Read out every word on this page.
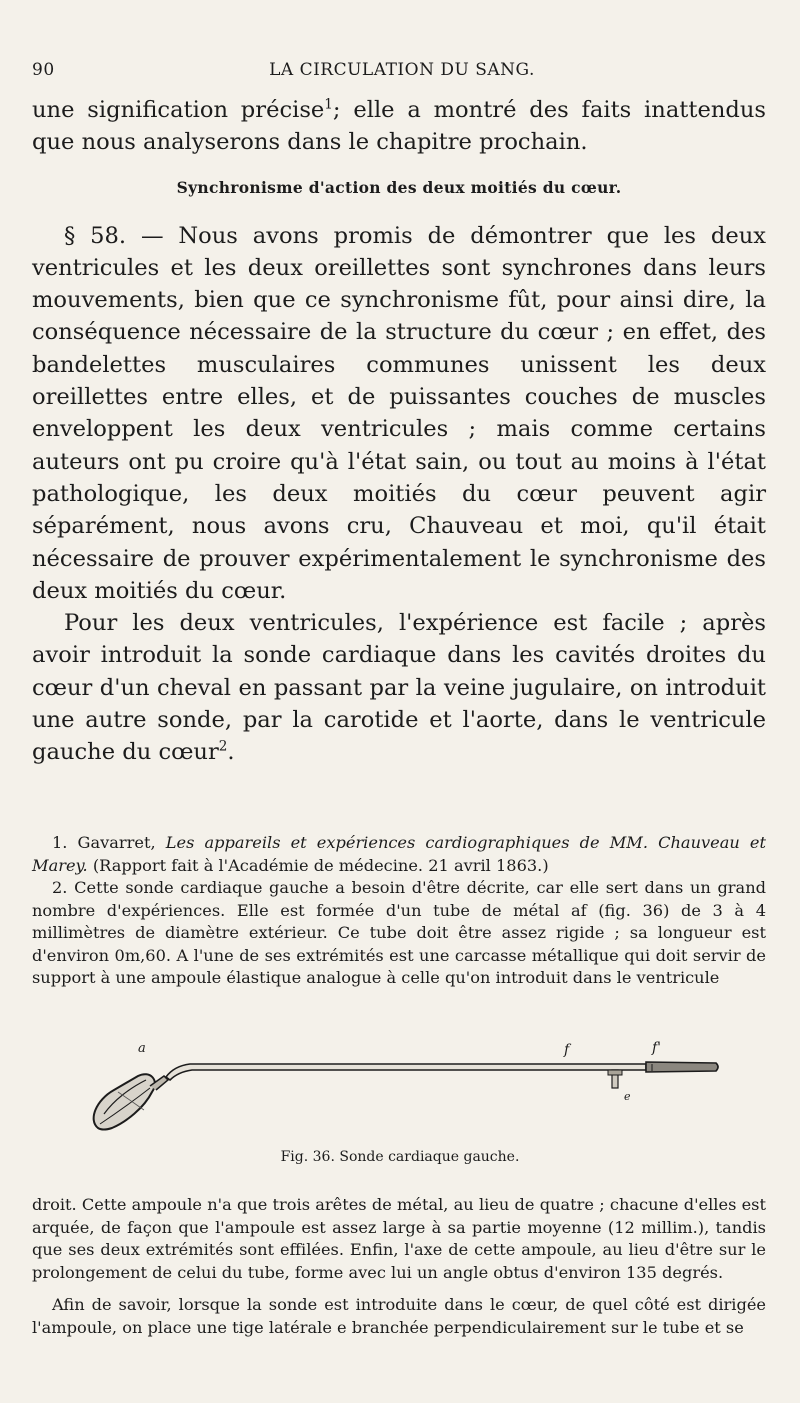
90	LA CIRCULATION DU SANG.

une signification précise$^1$; elle a montré des faits inattendus que nous analyserons dans le chapitre prochain.

Synchronisme d'action des deux moitiés du cœur.

§ 58. — Nous avons promis de démontrer que les deux ventricules et les deux oreillettes sont synchrones dans leurs mouvements, bien que ce synchronisme fût, pour ainsi dire, la conséquence nécessaire de la structure du cœur ; en effet, des bandelettes musculaires communes unissent les deux oreillettes entre elles, et de puissantes couches de muscles enveloppent les deux ventricules ; mais comme certains auteurs ont pu croire qu'à l'état sain, ou tout au moins à l'état pathologique, les deux moitiés du cœur peuvent agir séparément, nous avons cru, Chauveau et moi, qu'il était nécessaire de prouver expérimentalement le synchronisme des deux moitiés du cœur.

Pour les deux ventricules, l'expérience est facile ; après avoir introduit la sonde cardiaque dans les cavités droites du cœur d'un cheval en passant par la veine jugulaire, on introduit une autre sonde, par la carotide et l'aorte, dans le ventricule gauche du cœur$^2$.

1. Gavarret, Les appareils et expériences cardiographiques de MM. Chauveau et Marey. (Rapport fait à l'Académie de médecine. 21 avril 1863.)

2. Cette sonde cardiaque gauche a besoin d'être décrite, car elle sert dans un grand nombre d'expériences. Elle est formée d'un tube de métal af (fig. 36) de 3 à 4 millimètres de diamètre extérieur. Ce tube doit être assez rigide ; sa longueur est d'environ 0m,60. A l'une de ses extrémités est une carcasse métallique qui doit servir de support à une ampoule élastique analogue à celle qu'on introduit dans le ventricule

a	f	f'
e
Fig. 36. Sonde cardiaque gauche.

droit. Cette ampoule n'a que trois arêtes de métal, au lieu de quatre ; chacune d'elles est arquée, de façon que l'ampoule est assez large à sa partie moyenne (12 millim.), tandis que ses deux extrémités sont effilées. Enfin, l'axe de cette ampoule, au lieu d'être sur le prolongement de celui du tube, forme avec lui un angle obtus d'environ 135 degrés.

Afin de savoir, lorsque la sonde est introduite dans le cœur, de quel côté est dirigée l'ampoule, on place une tige latérale e branchée perpendiculairement sur le tube et se
